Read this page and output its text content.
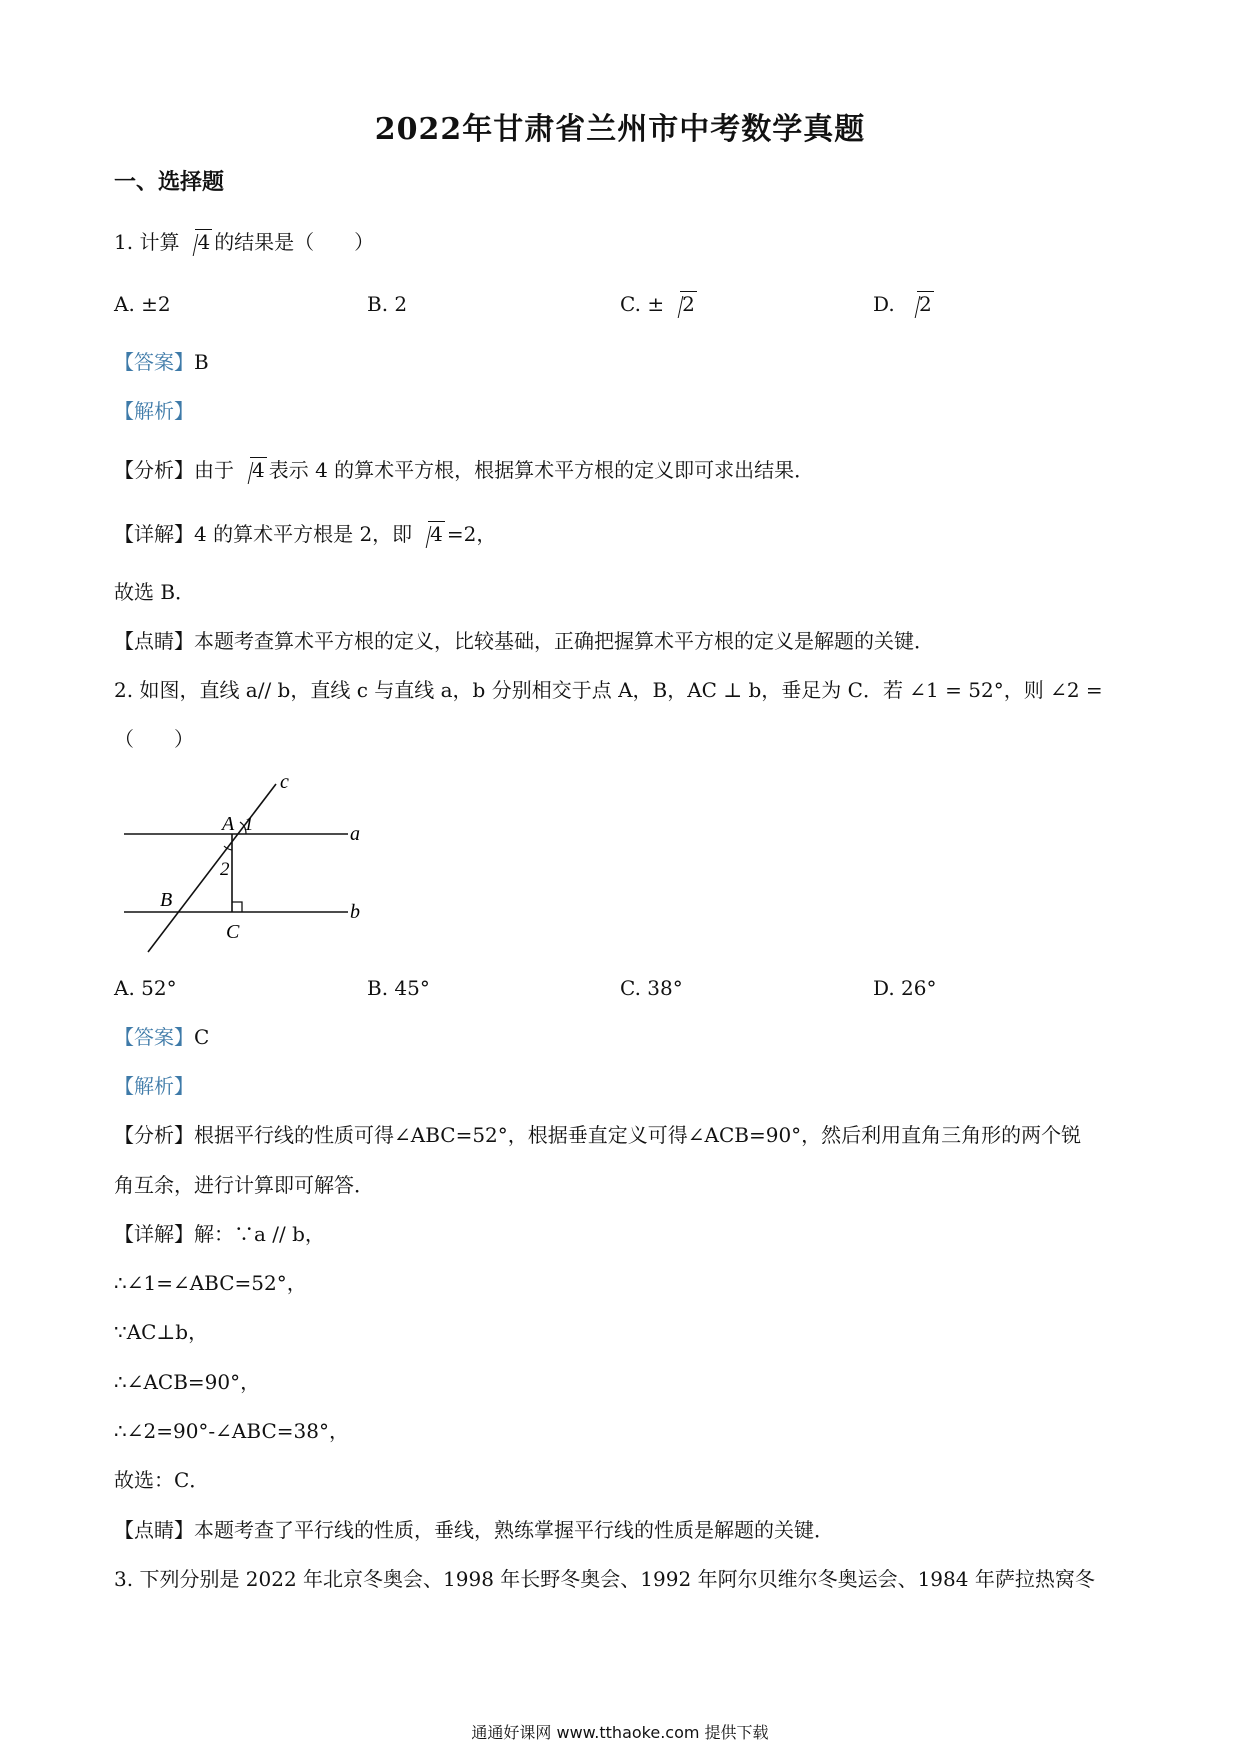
2022年甘肃省兰州市中考数学真题
一、选择题
1. 计算 4 的结果是（　　）
A. ±2	B. 2	C. ± 2	D. 2
【答案】B
【解析】
【分析】由于 4 表示 4 的算术平方根，根据算术平方根的定义即可求出结果．
【详解】4 的算术平方根是 2，即 4 =2，
故选 B．
【点睛】本题考查算术平方根的定义，比较基础，正确把握算术平方根的定义是解题的关键．
2. 如图，直线 a// b，直线 c 与直线 a，b 分别相交于点 A，B，AC ⊥ b，垂足为 C．若 ∠1 = 52°，则 ∠2 =
（　　）
c
A 1	a
2
B
C
b
A. 52°	B. 45°	C. 38°	D. 26°
【答案】C
【解析】
【分析】根据平行线的性质可得∠ABC=52°，根据垂直定义可得∠ACB=90°，然后利用直角三角形的两个锐
角互余，进行计算即可解答．
【详解】解：∵a // b，
∴∠1=∠ABC=52°，
∵AC⊥b，
∴∠ACB=90°，
∴∠2=90°-∠ABC=38°，
故选：C．
【点睛】本题考查了平行线的性质，垂线，熟练掌握平行线的性质是解题的关键．
3. 下列分别是 2022 年北京冬奥会、1998 年长野冬奥会、1992 年阿尔贝维尔冬奥运会、1984 年萨拉热窝冬
通通好课网 www.tthaoke.com 提供下载
